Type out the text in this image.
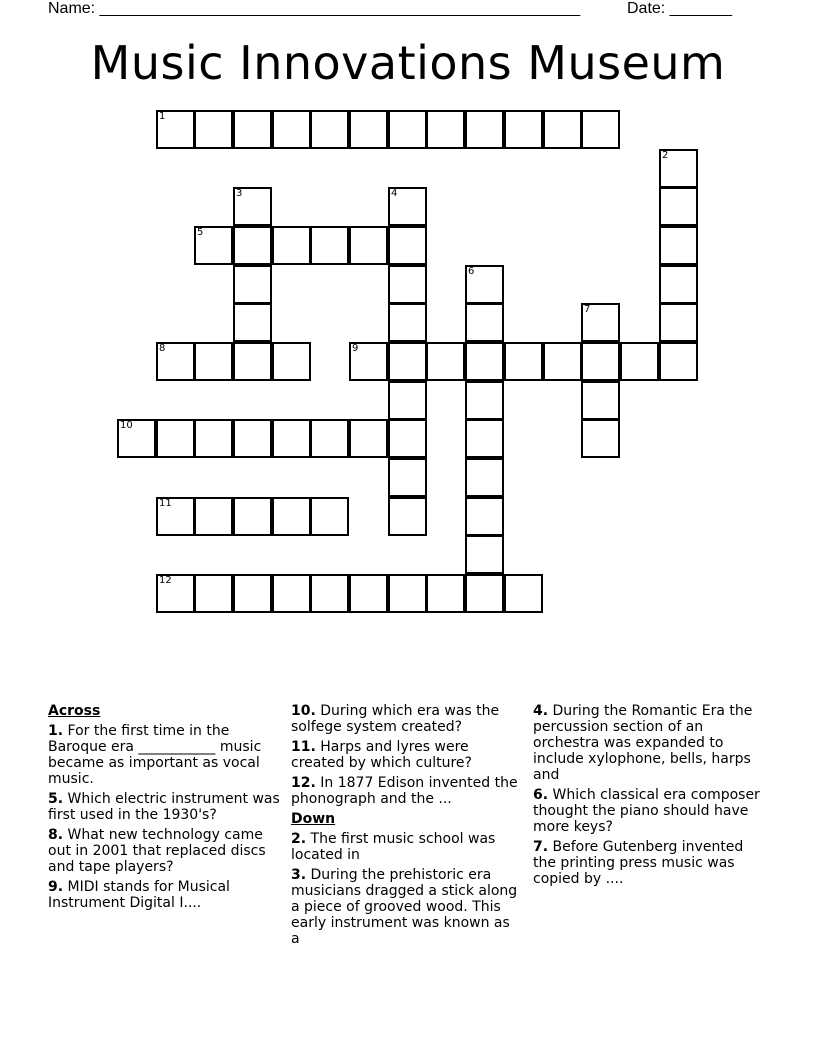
Name: ______________________________________________________	Date: _______
Music Innovations Museum
1
2
3	4
5
6
7
8	9
10
11
12
Across
1. For the first time in the Baroque era ___________ music became as important as vocal music.
5. Which electric instrument was first used in the 1930's?
8. What new technology came out in 2001 that replaced discs and tape players?
9. MIDI stands for Musical Instrument Digital I....
10. During which era was the solfege system created?
11. Harps and lyres were created by which culture?
12. In 1877 Edison invented the phonograph and the ...
Down
2. The first music school was located in
3. During the prehistoric era musicians dragged a stick along a piece of grooved wood. This early instrument was known as a
4. During the Romantic Era the percussion section of an orchestra was expanded to include xylophone, bells, harps and
6. Which classical era composer thought the piano should have more keys?
7. Before Gutenberg invented the printing press music was copied by ....
